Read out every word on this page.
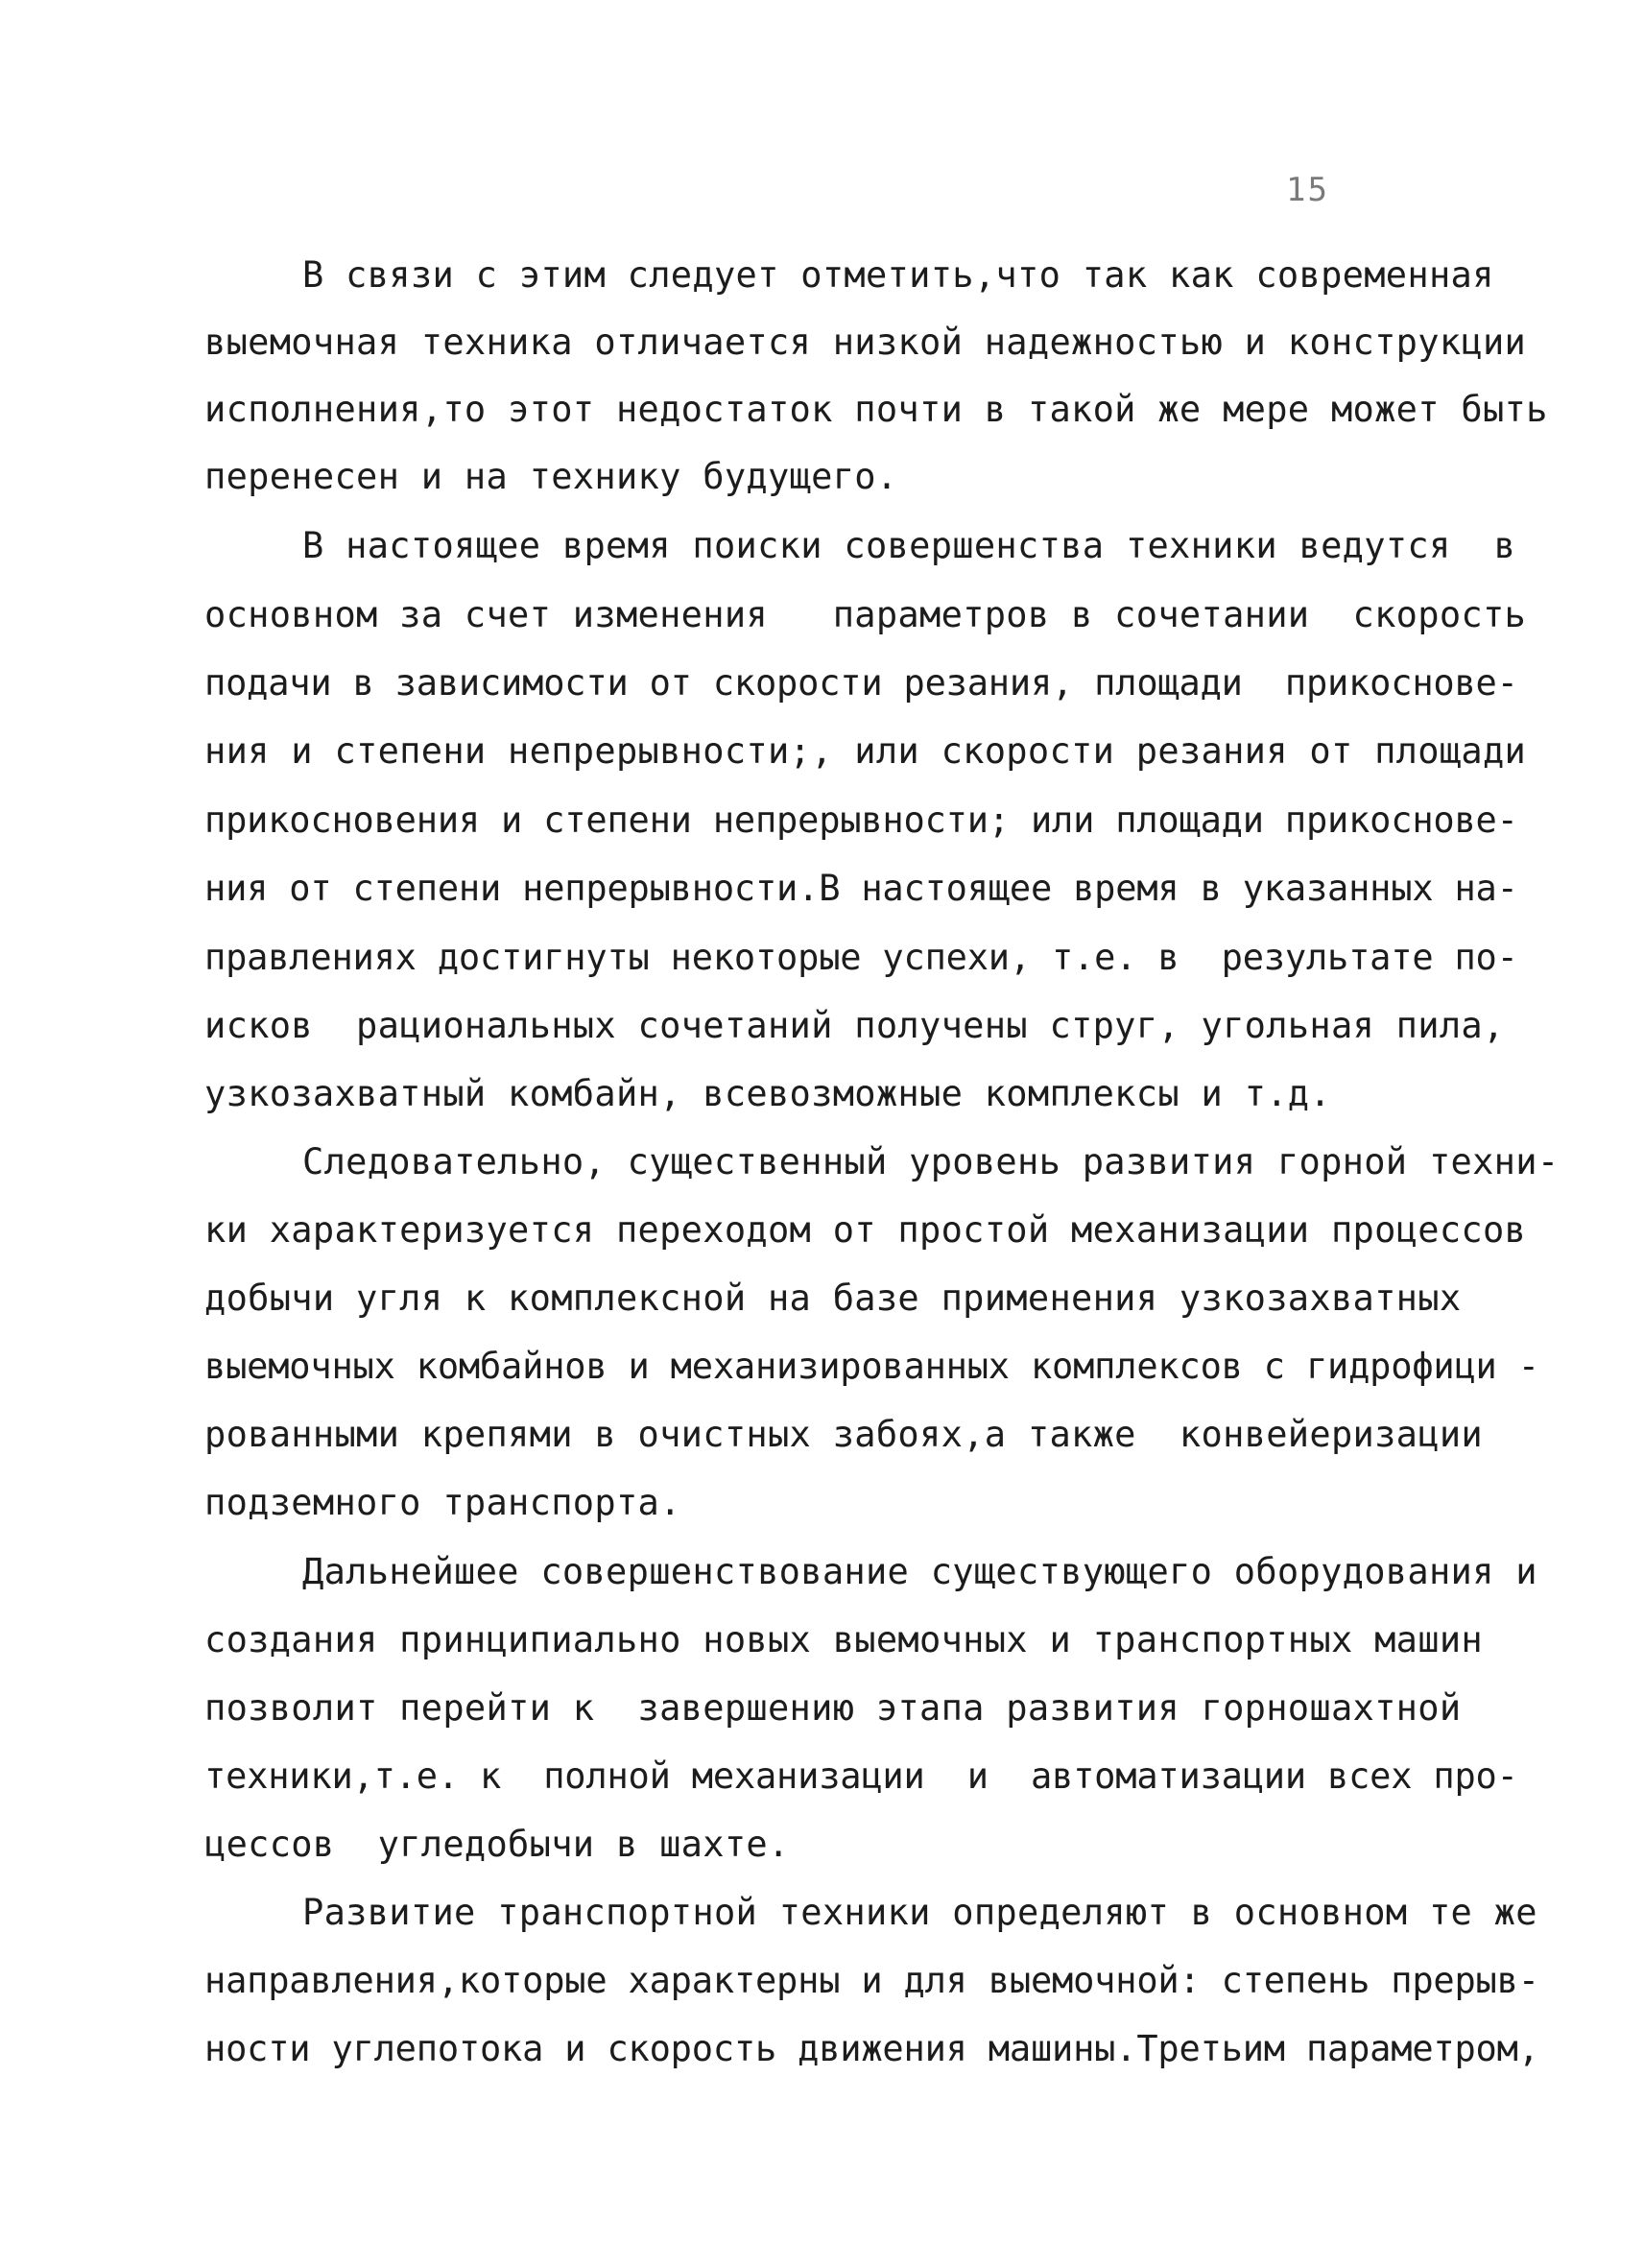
15
В связи с этим следует отметить,что так как современная
выемочная техника отличается низкой надежностью и конструкции
исполнения,то этот недостаток почти в такой же мере может быть
перенесен и на технику будущего.
В настоящее время поиски совершенства техники ведутся  в
основном за счет изменения   параметров в сочетании  скорость
подачи в зависимости от скорости резания, площади  прикоснове-
ния и степени непрерывности;, или скорости резания от площади
прикосновения и степени непрерывности; или площади прикоснове-
ния от степени непрерывности.В настоящее время в указанных на-
правлениях достигнуты некоторые успехи, т.е. в  результате по-
исков  рациональных сочетаний получены струг, угольная пила,
узкозахватный комбайн, всевозможные комплексы и т.д.
Следовательно, существенный уровень развития горной техни-
ки характеризуется переходом от простой механизации процессов
добычи угля к комплексной на базе применения узкозахватных
выемочных комбайнов и механизированных комплексов с гидрофици -
рованными крепями в очистных забоях,а также  конвейеризации
подземного транспорта.
Дальнейшее совершенствование существующего оборудования и
создания принципиально новых выемочных и транспортных машин
позволит перейти к  завершению этапа развития горношахтной
техники,т.е. к  полной механизации  и  автоматизации всех про-
цессов  угледобычи в шахте.
Развитие транспортной техники определяют в основном те же
направления,которые характерны и для выемочной: степень прерыв-
ности углепотока и скорость движения машины.Третьим параметром,
